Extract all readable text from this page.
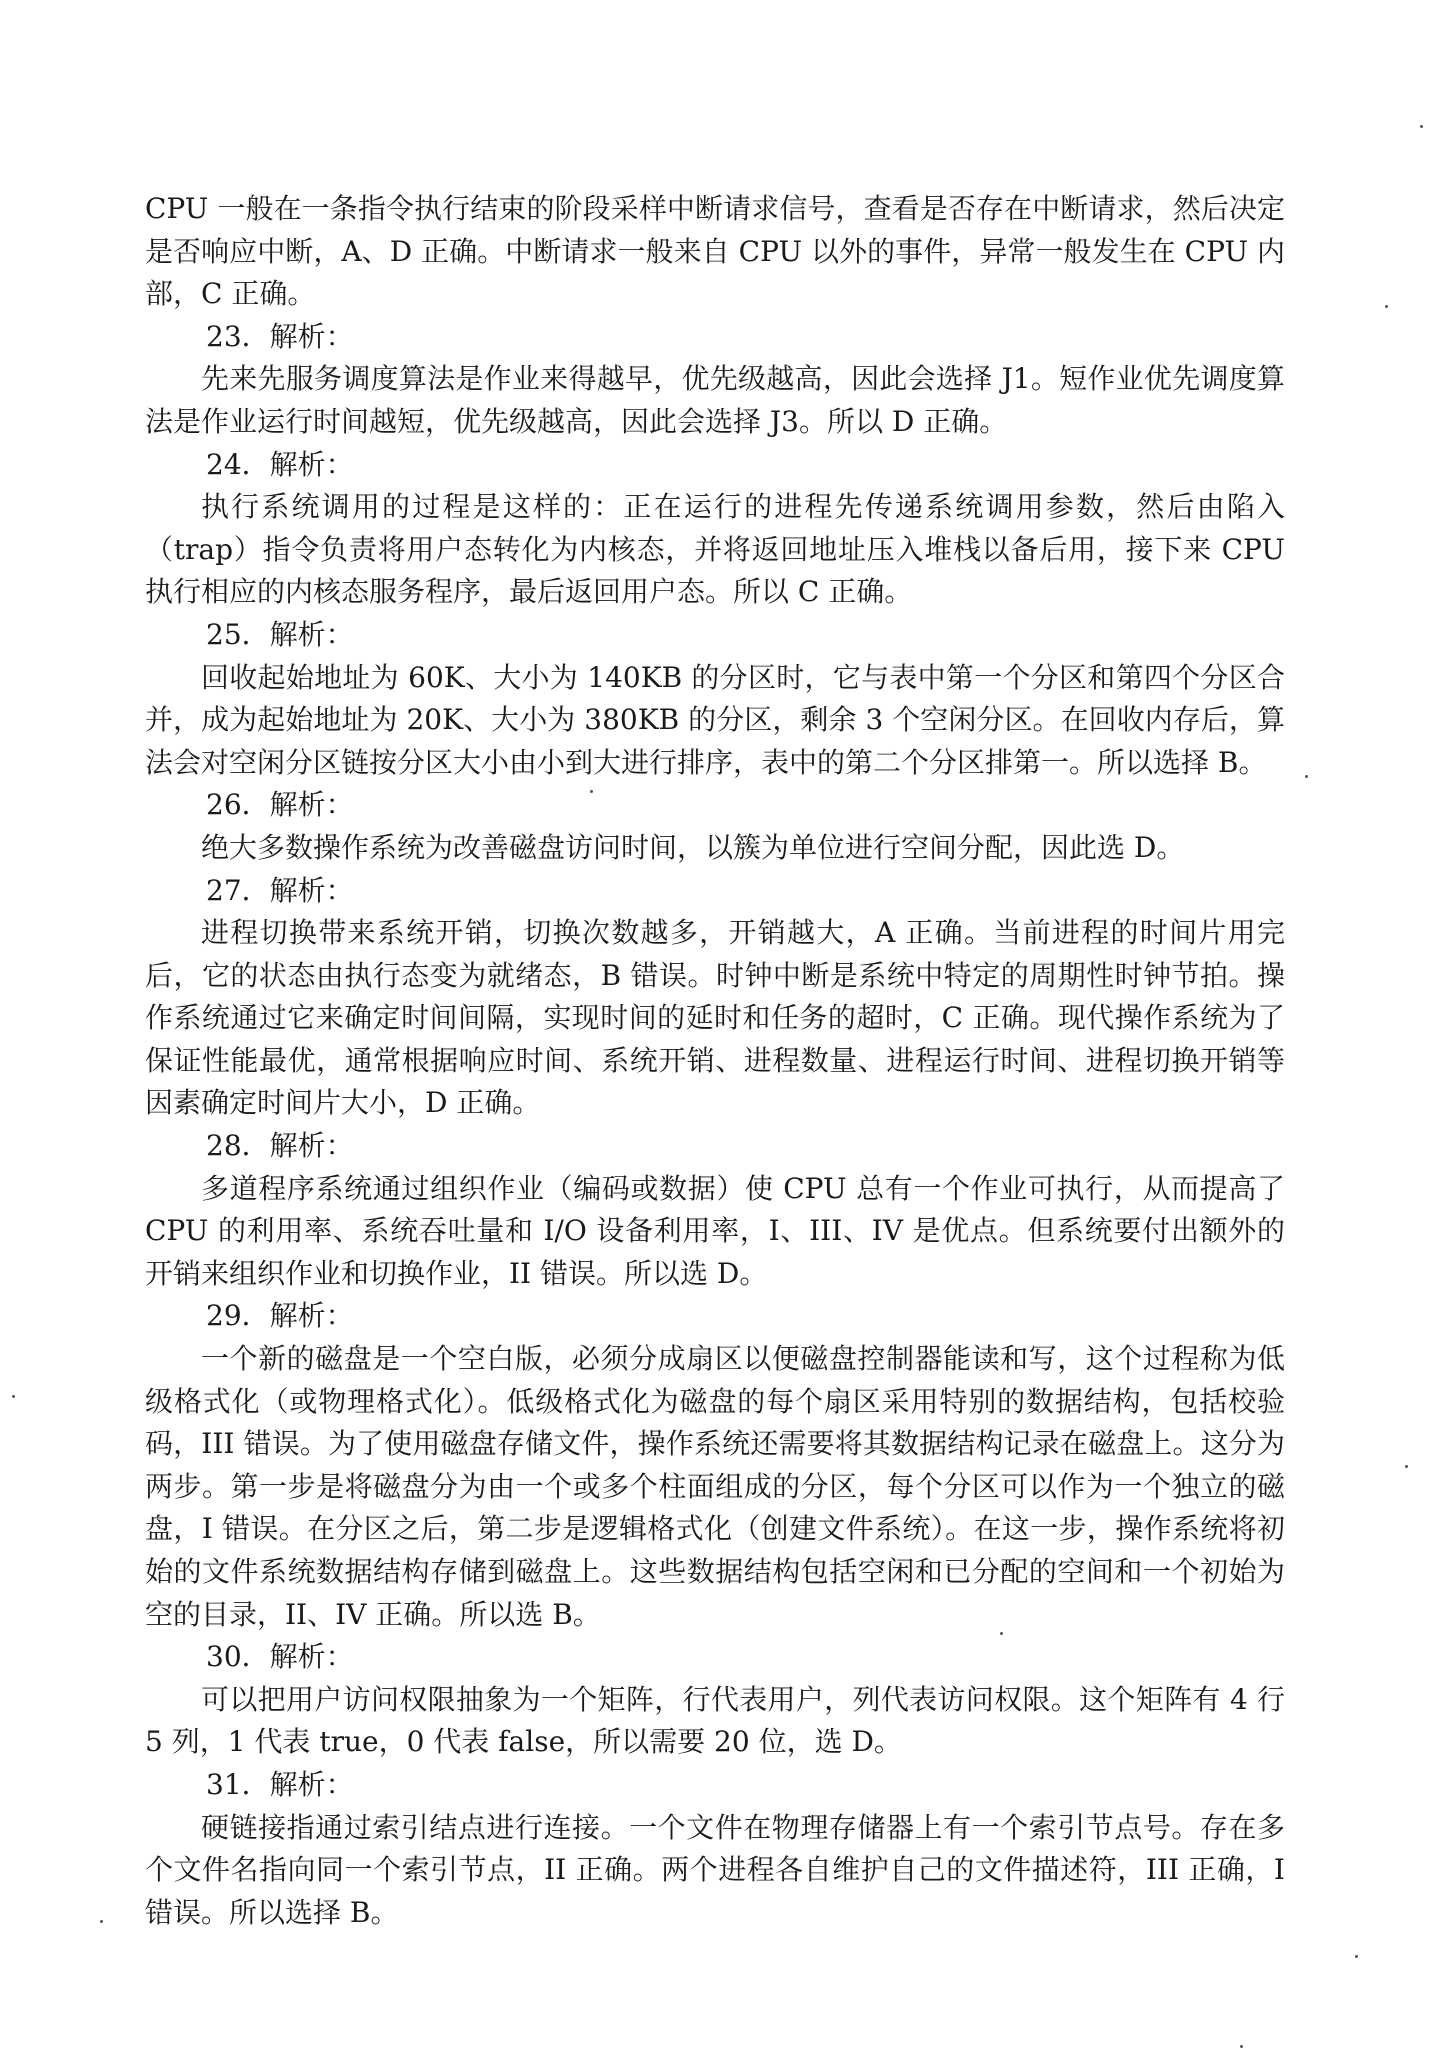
CPU 一般在一条指令执行结束的阶段采样中断请求信号，查看是否存在中断请求，然后决定是否响应中断，A、D 正确。中断请求一般来自 CPU 以外的事件，异常一般发生在 CPU 内部，C 正确。

23．解析：

先来先服务调度算法是作业来得越早，优先级越高，因此会选择 J1。短作业优先调度算法是作业运行时间越短，优先级越高，因此会选择 J3。所以 D 正确。

24．解析：

执行系统调用的过程是这样的：正在运行的进程先传递系统调用参数，然后由陷入（trap）指令负责将用户态转化为内核态，并将返回地址压入堆栈以备后用，接下来 CPU 执行相应的内核态服务程序，最后返回用户态。所以 C 正确。

25．解析：

回收起始地址为 60K、大小为 140KB 的分区时，它与表中第一个分区和第四个分区合并，成为起始地址为 20K、大小为 380KB 的分区，剩余 3 个空闲分区。在回收内存后，算法会对空闲分区链按分区大小由小到大进行排序，表中的第二个分区排第一。所以选择 B。

26．解析：

绝大多数操作系统为改善磁盘访问时间，以簇为单位进行空间分配，因此选 D。

27．解析：

进程切换带来系统开销，切换次数越多，开销越大，A 正确。当前进程的时间片用完后，它的状态由执行态变为就绪态，B 错误。时钟中断是系统中特定的周期性时钟节拍。操作系统通过它来确定时间间隔，实现时间的延时和任务的超时，C 正确。现代操作系统为了保证性能最优，通常根据响应时间、系统开销、进程数量、进程运行时间、进程切换开销等因素确定时间片大小，D 正确。

28．解析：

多道程序系统通过组织作业（编码或数据）使 CPU 总有一个作业可执行，从而提高了 CPU 的利用率、系统吞吐量和 I/O 设备利用率，I、III、IV 是优点。但系统要付出额外的开销来组织作业和切换作业，II 错误。所以选 D。

29．解析：

一个新的磁盘是一个空白版，必须分成扇区以便磁盘控制器能读和写，这个过程称为低级格式化（或物理格式化）。低级格式化为磁盘的每个扇区采用特别的数据结构，包括校验码，III 错误。为了使用磁盘存储文件，操作系统还需要将其数据结构记录在磁盘上。这分为两步。第一步是将磁盘分为由一个或多个柱面组成的分区，每个分区可以作为一个独立的磁盘，I 错误。在分区之后，第二步是逻辑格式化（创建文件系统）。在这一步，操作系统将初始的文件系统数据结构存储到磁盘上。这些数据结构包括空闲和已分配的空间和一个初始为空的目录，II、IV 正确。所以选 B。

30．解析：

可以把用户访问权限抽象为一个矩阵，行代表用户，列代表访问权限。这个矩阵有 4 行 5 列，1 代表 true，0 代表 false，所以需要 20 位，选 D。

31．解析：

硬链接指通过索引结点进行连接。一个文件在物理存储器上有一个索引节点号。存在多个文件名指向同一个索引节点，II 正确。两个进程各自维护自己的文件描述符，III 正确，I 错误。所以选择 B。
